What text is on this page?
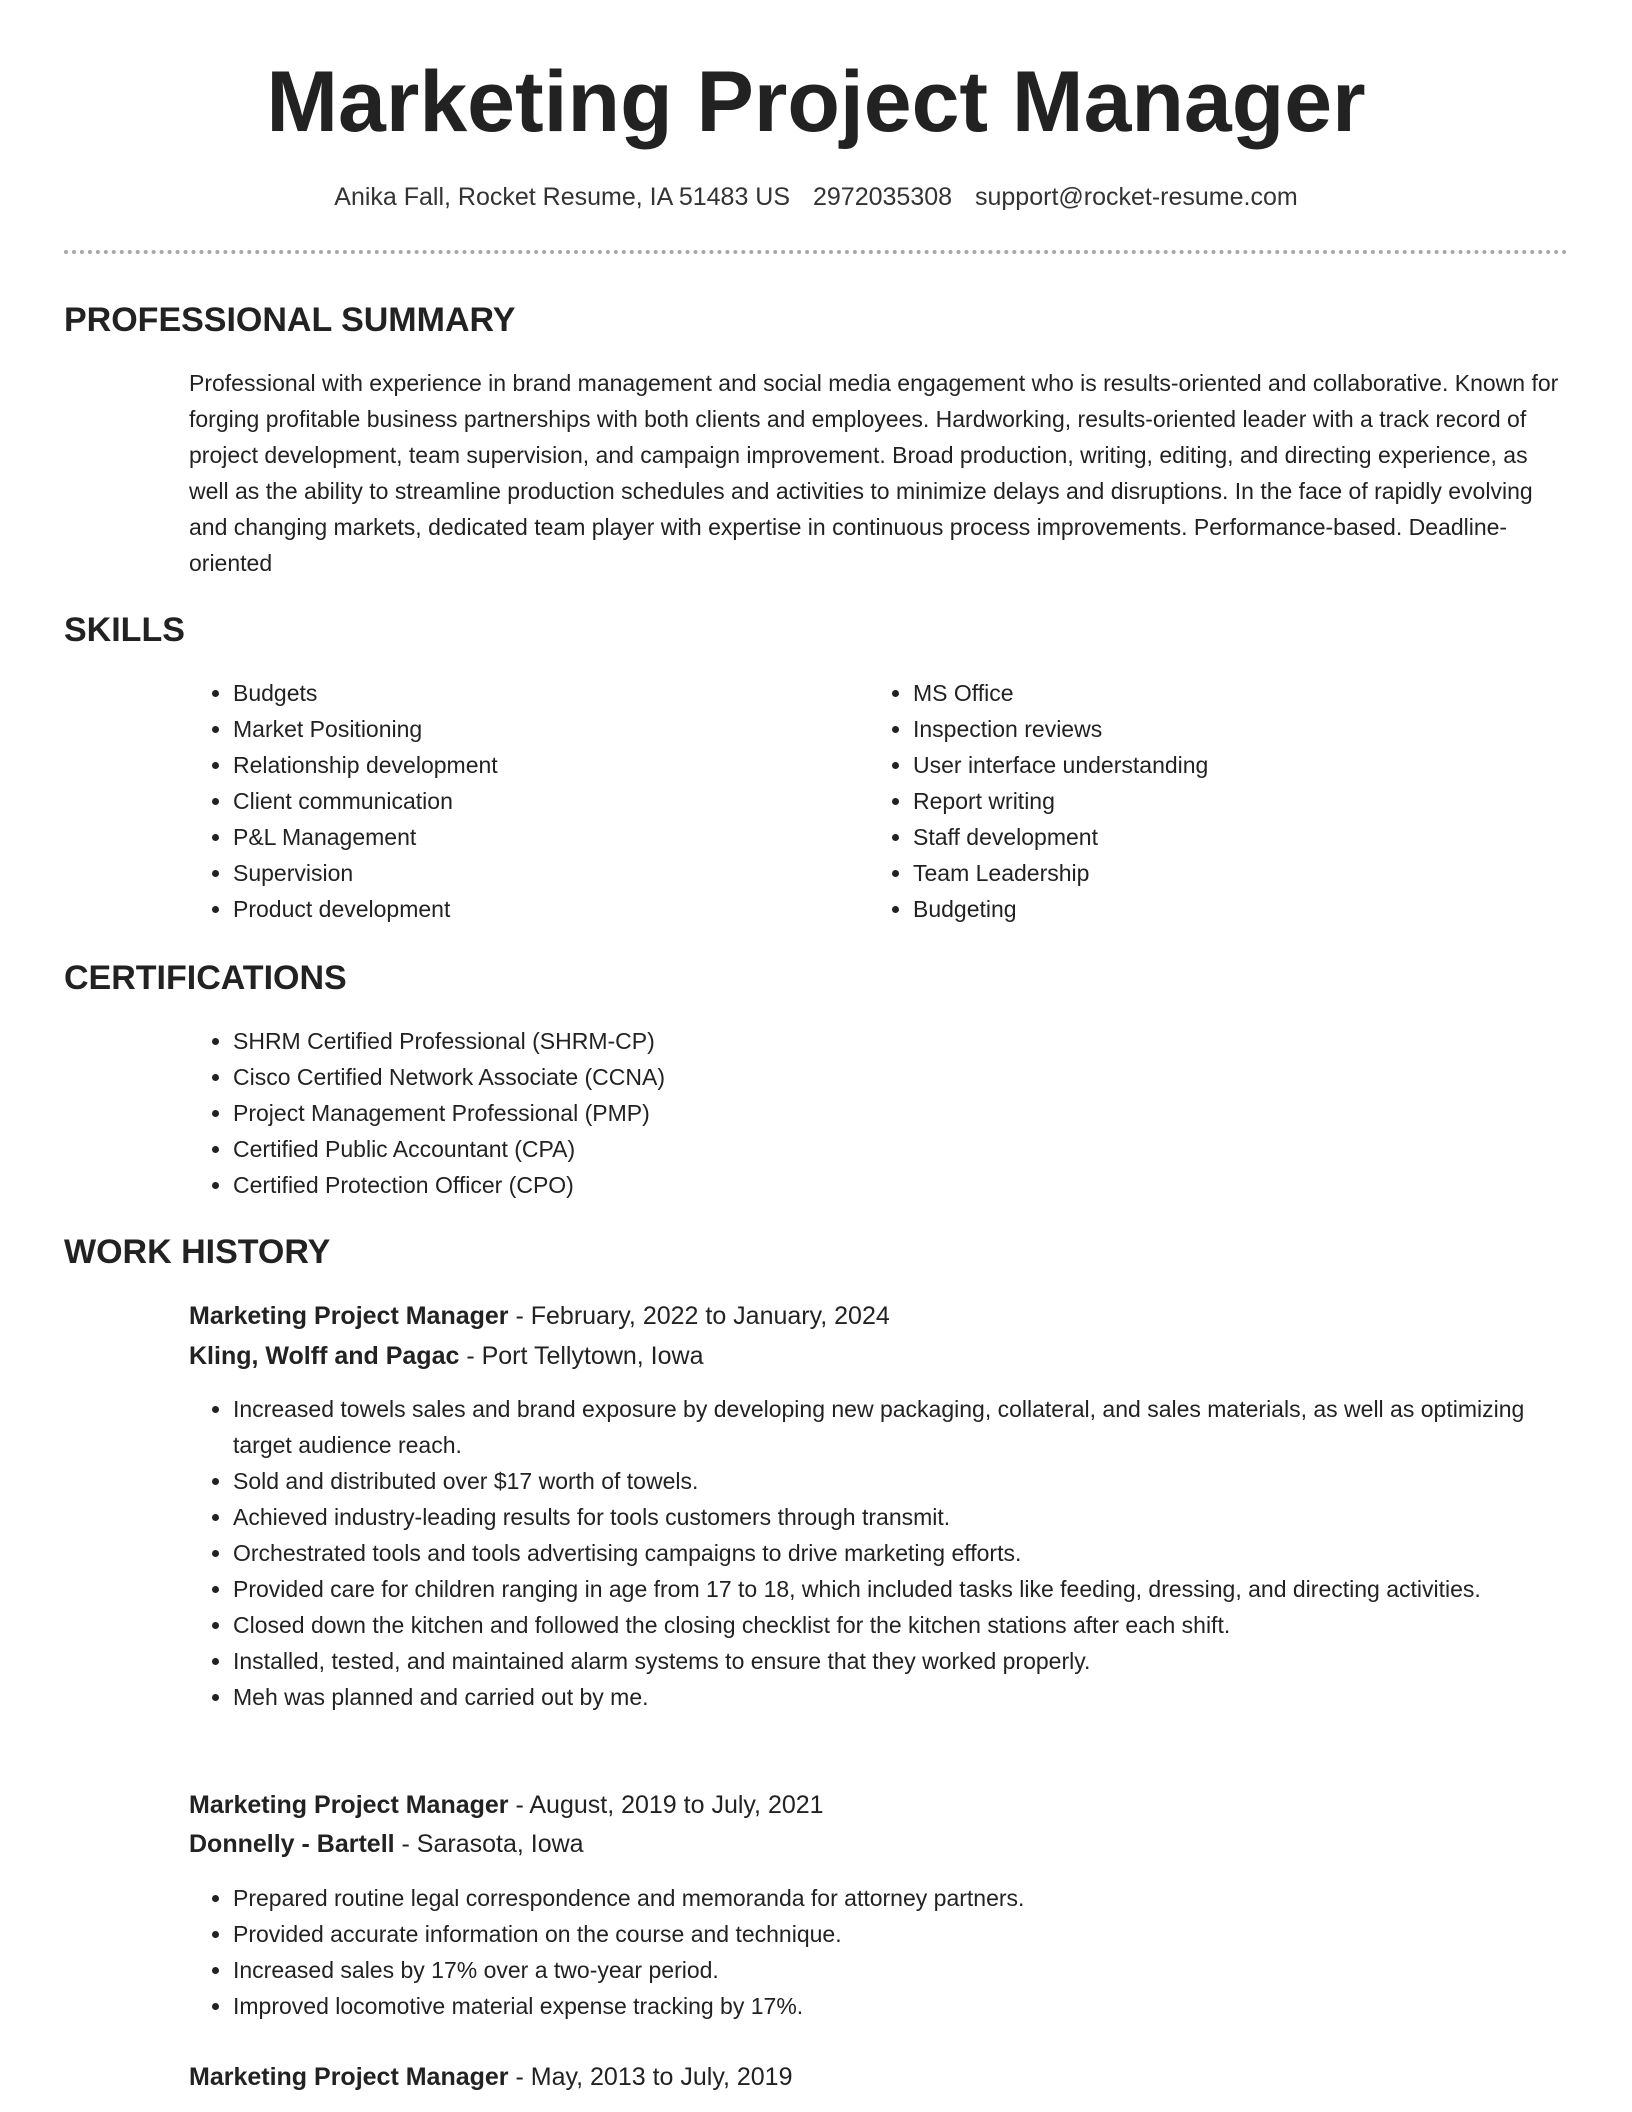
Marketing Project Manager
Anika Fall, Rocket Resume, IA 51483 US 2972035308 support@rocket-resume.com
PROFESSIONAL SUMMARY

Professional with experience in brand management and social media engagement who is results-oriented and collaborative. Known for forging profitable business partnerships with both clients and employees. Hardworking, results-oriented leader with a track record of project development, team supervision, and campaign improvement. Broad production, writing, editing, and directing experience, as well as the ability to streamline production schedules and activities to minimize delays and disruptions. In the face of rapidly evolving and changing markets, dedicated team player with expertise in continuous process improvements. Performance-based. Deadline-oriented

SKILLS
• Budgets
• Market Positioning
• Relationship development
• Client communication
• P&L Management
• Supervision
• Product development
• MS Office
• Inspection reviews
• User interface understanding
• Report writing
• Staff development
• Team Leadership
• Budgeting
CERTIFICATIONS
• SHRM Certified Professional (SHRM-CP)
• Cisco Certified Network Associate (CCNA)
• Project Management Professional (PMP)
• Certified Public Accountant (CPA)
• Certified Protection Officer (CPO)
WORK HISTORY

Marketing Project Manager - February, 2022 to January, 2024

Kling, Wolff and Pagac - Port Tellytown, Iowa

• Increased towels sales and brand exposure by developing new packaging, collateral, and sales materials, as well as optimizing target audience reach.
• Sold and distributed over $17 worth of towels.
• Achieved industry-leading results for tools customers through transmit.
• Orchestrated tools and tools advertising campaigns to drive marketing efforts.
• Provided care for children ranging in age from 17 to 18, which included tasks like feeding, dressing, and directing activities.
• Closed down the kitchen and followed the closing checklist for the kitchen stations after each shift.
• Installed, tested, and maintained alarm systems to ensure that they worked properly.
• Meh was planned and carried out by me.

Marketing Project Manager - August, 2019 to July, 2021

Donnelly - Bartell - Sarasota, Iowa

• Prepared routine legal correspondence and memoranda for attorney partners.
• Provided accurate information on the course and technique.
• Increased sales by 17% over a two-year period.
• Improved locomotive material expense tracking by 17%.

Marketing Project Manager - May, 2013 to July, 2019
